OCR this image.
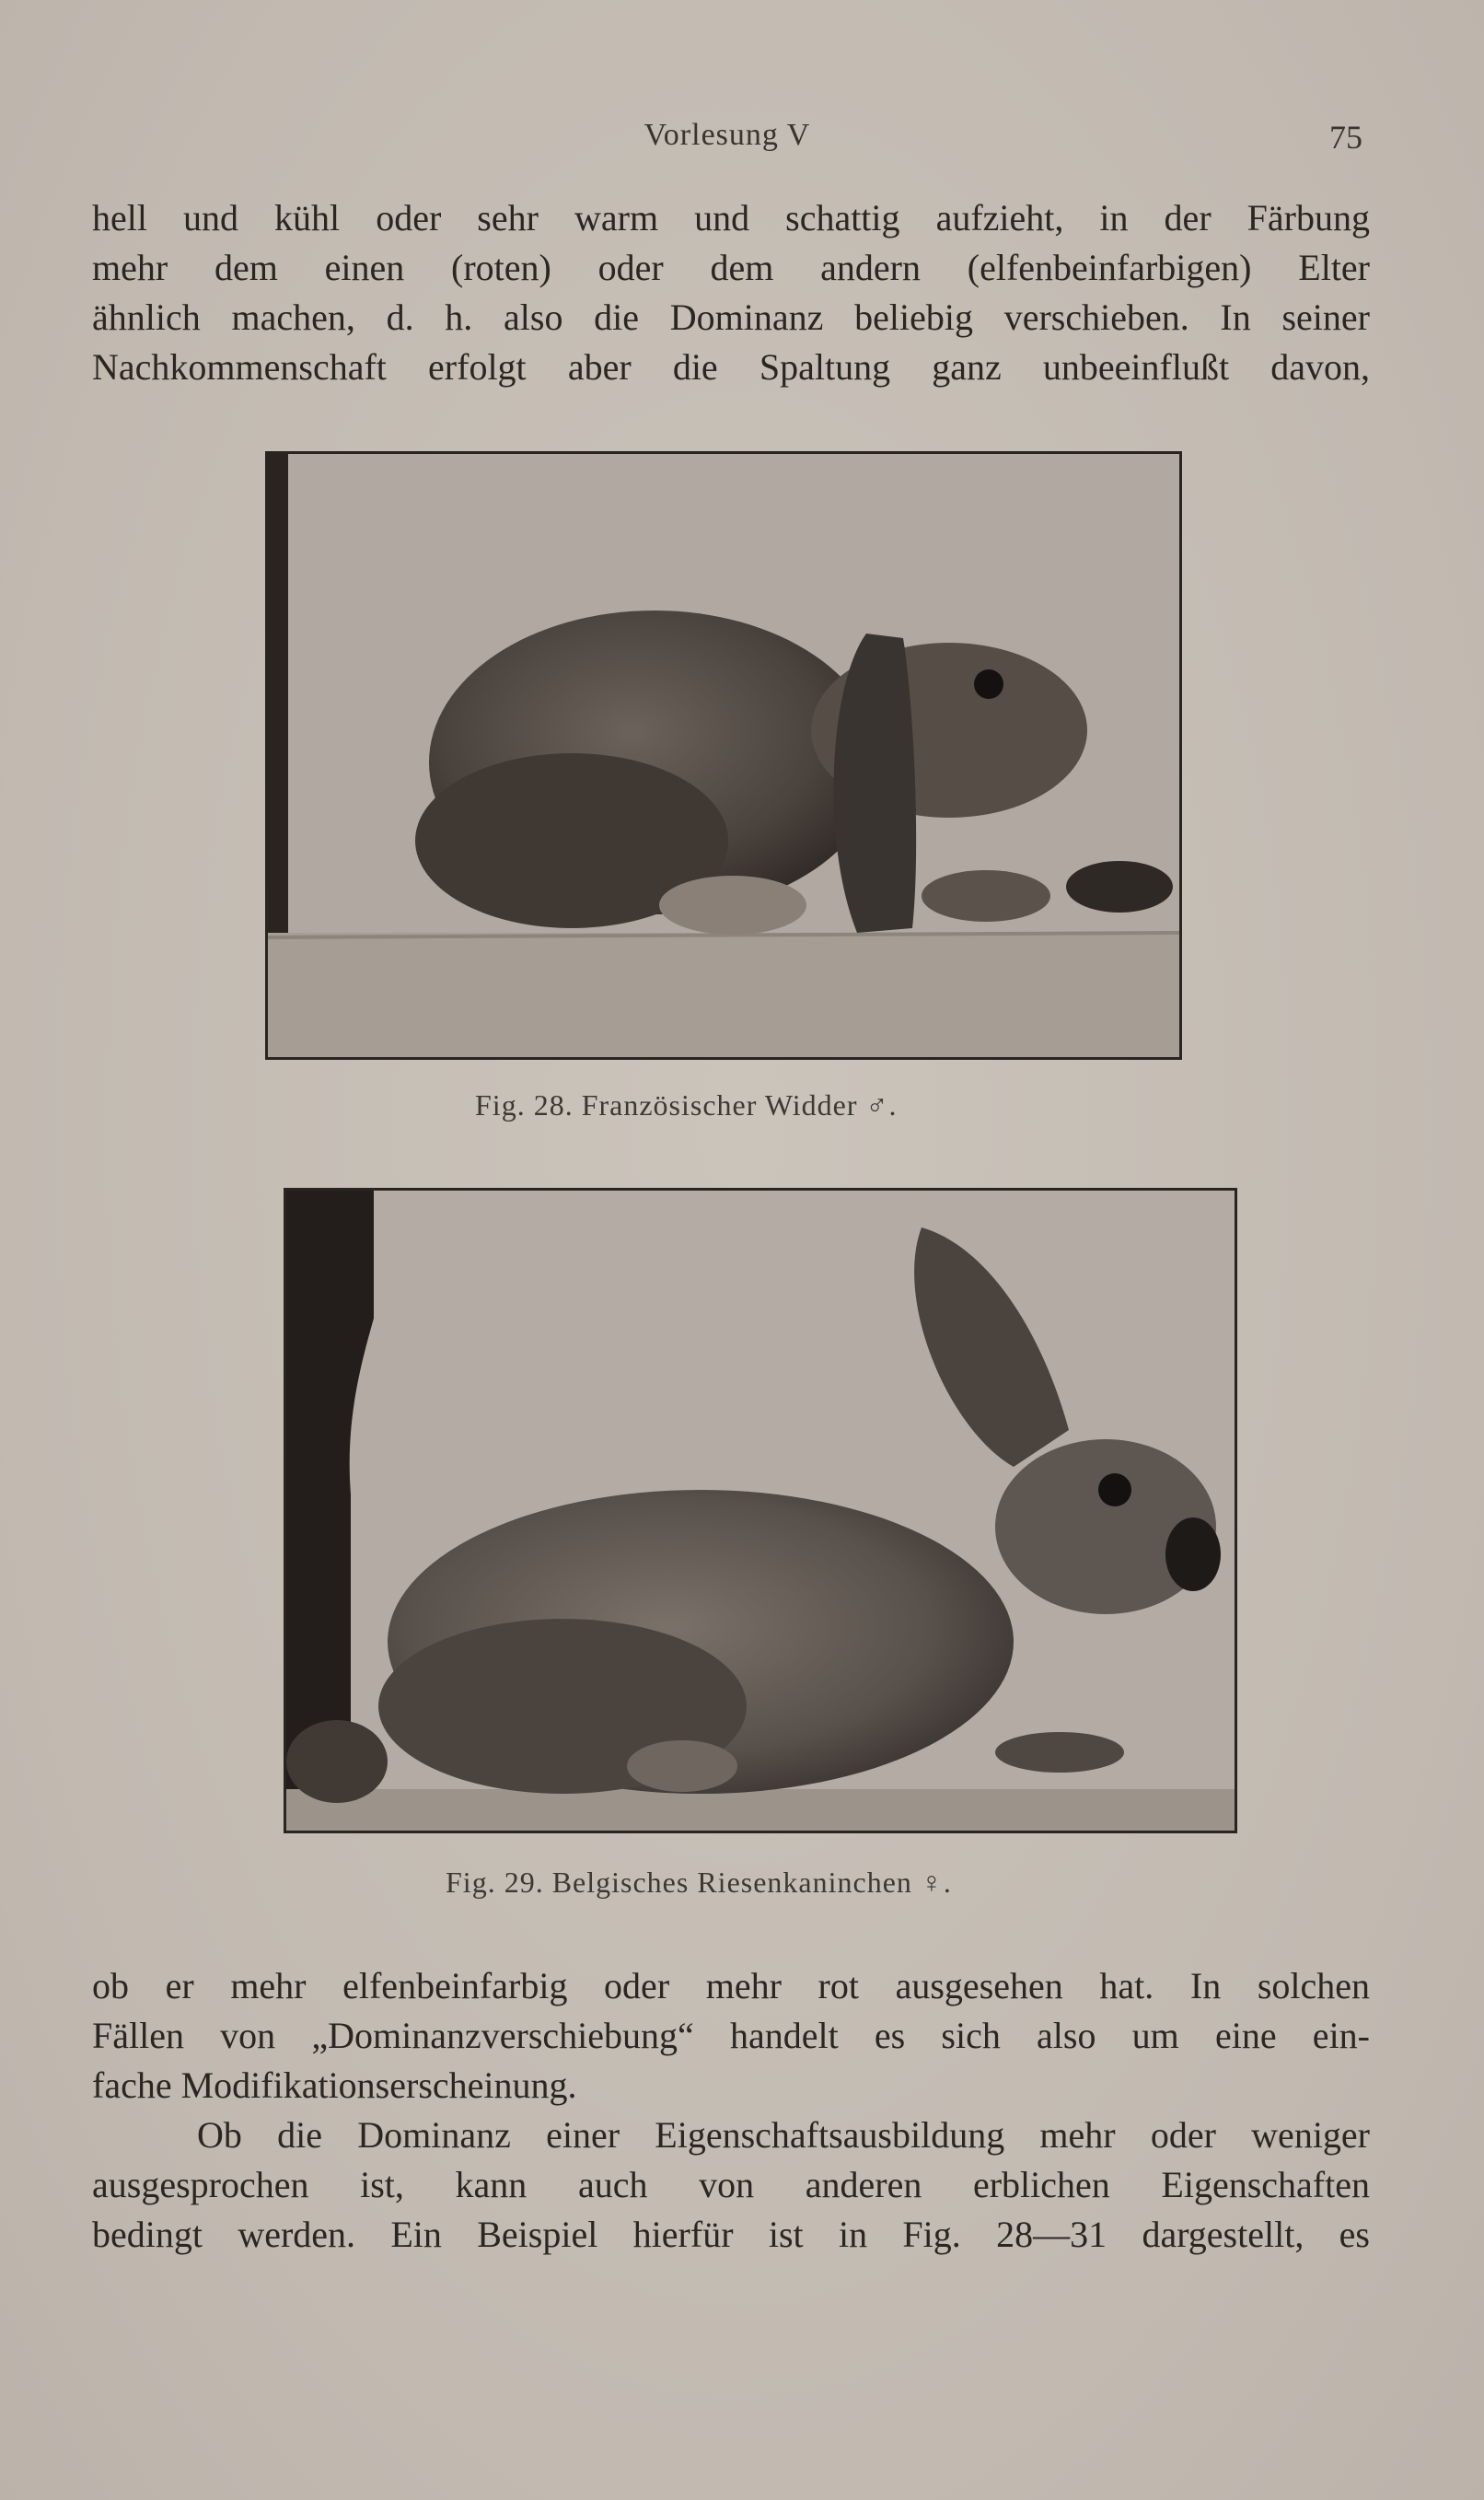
Vorlesung V	75
hell und kühl oder sehr warm und schattig aufzieht, in der Färbung
mehr dem einen (roten) oder dem andern (elfenbeinfarbigen) Elter
ähnlich machen, d. h. also die Dominanz beliebig verschieben. In seiner
Nachkommenschaft erfolgt aber die Spaltung ganz unbeeinflußt davon,
Fig. 28. Französischer Widder ♂.
Fig. 29. Belgisches Riesenkaninchen ♀.
ob er mehr elfenbeinfarbig oder mehr rot ausgesehen hat. In solchen
Fällen von „Dominanzverschiebung“ handelt es sich also um eine ein-
fache Modifikationserscheinung.
Ob die Dominanz einer Eigenschaftsausbildung mehr oder weniger
ausgesprochen ist, kann auch von anderen erblichen Eigenschaften
bedingt werden. Ein Beispiel hierfür ist in Fig. 28—31 dargestellt, es
